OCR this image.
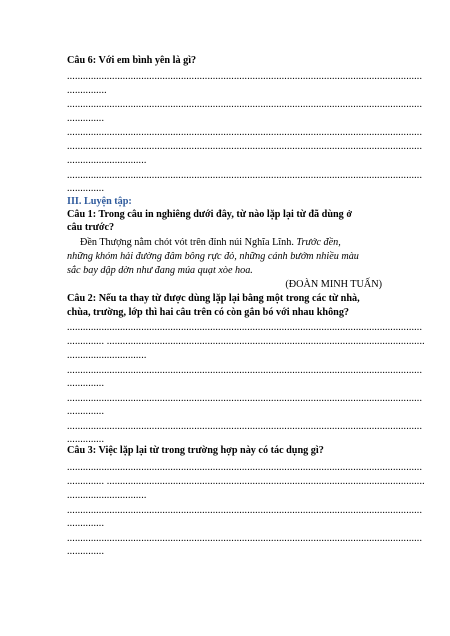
Câu 6: Với em bình yên là gì?
......................................................................................................................................
...............
......................................................................................................................................
..............
......................................................................................................................................
......................................................................................................................................
..............................
......................................................................................................................................
..............
III. Luyện tập:
Câu 1: Trong câu in nghiêng dưới đây, từ nào lặp lại từ đã dùng ở
câu trước?
Đền Thượng nằm chót vót trên đỉnh núi Nghĩa Lĩnh. Trước đền,
những khóm hải đường đâm bông rực đỏ, những cánh bướm nhiều màu
sắc bay dập dờn như đang múa quạt xòe hoa.
(ĐOÀN MINH TUẤN)
Câu 2: Nếu ta thay từ được dùng lặp lại bằng một trong các từ nhà,
chùa, trường, lớp thì hai câu trên có còn gắn bó với nhau không?
......................................................................................................................................
.............. ........................................................................................................................
..............................
......................................................................................................................................
..............
......................................................................................................................................
..............
......................................................................................................................................
..............
Câu 3: Việc lặp lại từ trong trường hợp này có tác dụng gì?
......................................................................................................................................
.............. ........................................................................................................................
..............................
......................................................................................................................................
..............
......................................................................................................................................
..............
